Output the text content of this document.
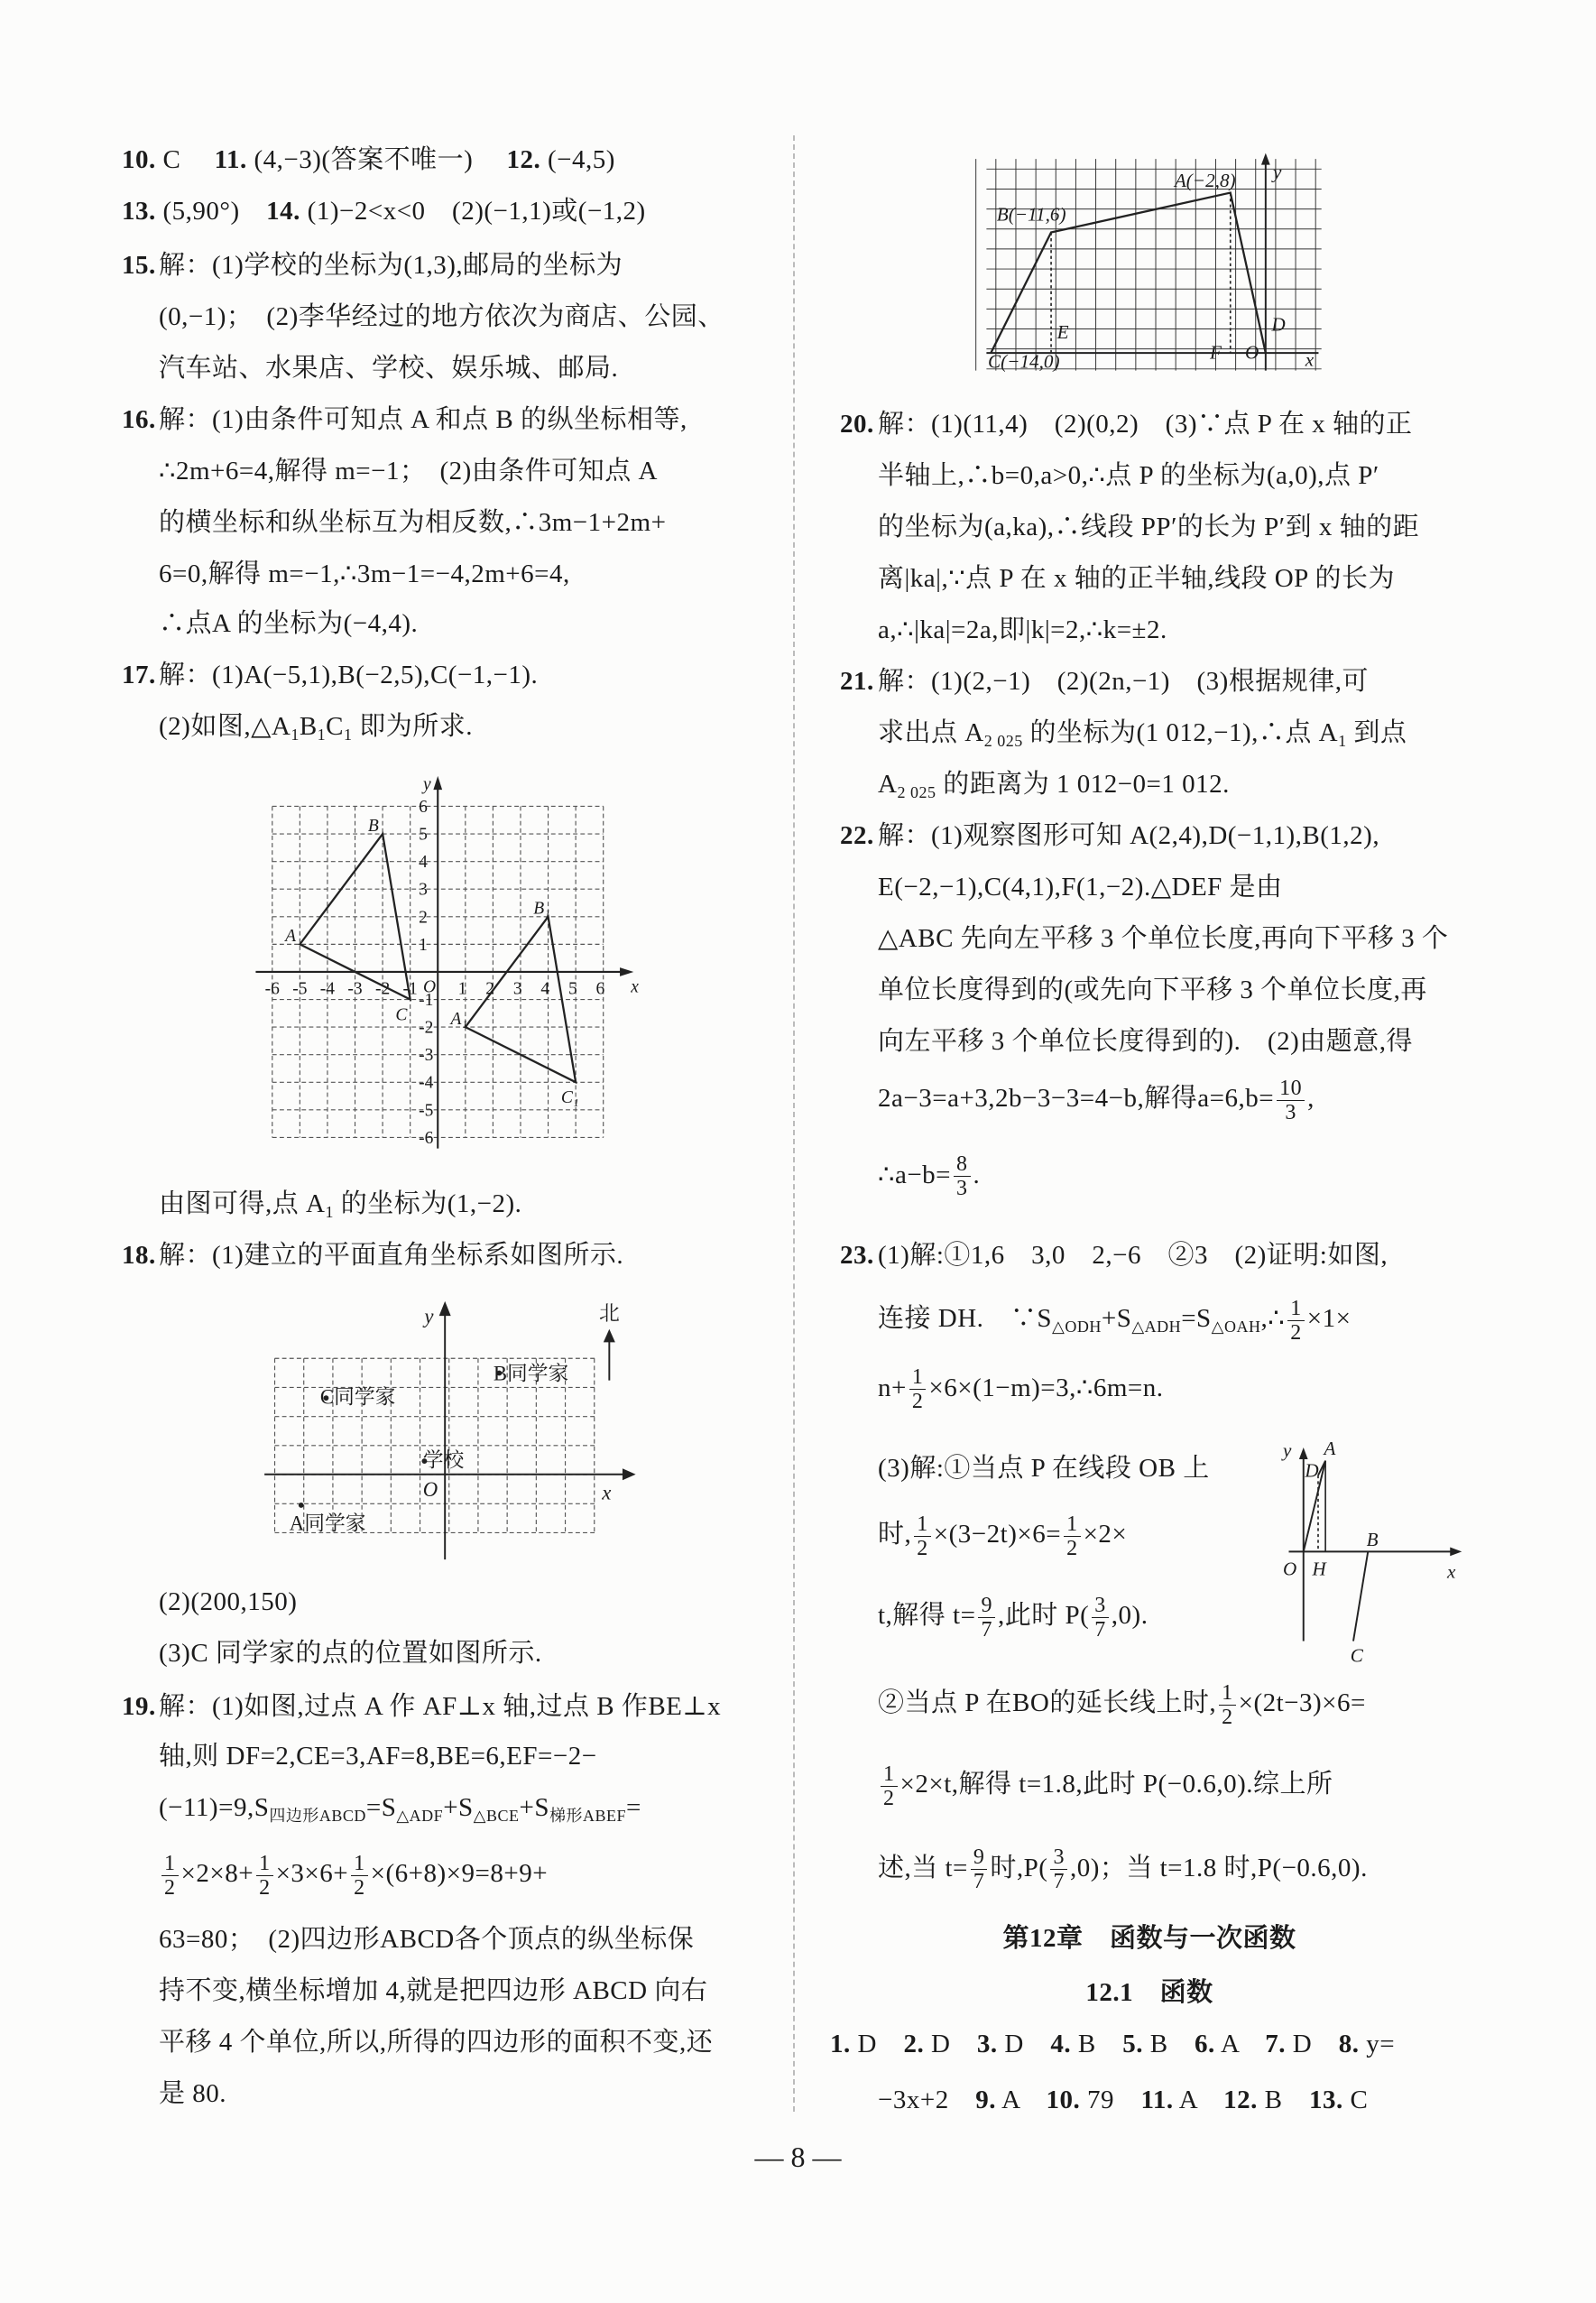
10. C　 11. (4,−3)(答案不唯一)　 12. (−4,5)
13. (5,90°)　14. (1)−2<x<0　(2)(−1,1)或(−1,2)
15. 解：(1)学校的坐标为(1,3),邮局的坐标为
(0,−1)；　(2)李华经过的地方依次为商店、公园、
汽车站、水果店、学校、娱乐城、邮局.
16. 解：(1)由条件可知点 A 和点 B 的纵坐标相等,
∴2m+6=4,解得 m=−1；　(2)由条件可知点 A
的横坐标和纵坐标互为相反数,∴3m−1+2m+
6=0,解得 m=−1,∴3m−1=−4,2m+6=4,
∴点A 的坐标为(−4,4).
17. 解：(1)A(−5,1),B(−2,5),C(−1,−1).
(2)如图$,\triangle A_1B_1C_1$ 即为所求.
由图可得,点 $A_1$ 的坐标为(1,−2).
18. 解：(1)建立的平面直角坐标系如图所示.
(2)(200,150)
(3)C 同学家的点的位置如图所示.
19. 解：(1)如图,过点 A 作 AF⊥x 轴,过点 B 作BE⊥x
轴,则 DF=2,CE=3,AF=8,BE=6,EF=−2−
$(-11)=9,S_{四边形ABCD}=S_{\triangle ADF}+S_{\triangle BCE}+S_{梯形ABEF}=$
$\frac{1}{2} \times 2\times 8+ \frac{1}{2} \times 3\times 6+ \frac{1}{2} \times(6+8)\times 9=8+9+$
63=80；　(2)四边形ABCD各个顶点的纵坐标保
持不变,横坐标增加 4,就是把四边形 ABCD 向右
平移 4 个单位,所以,所得的四边形的面积不变,还
是 80.
20. 解：(1)(11,4)　(2)(0,2)　(3)∵点 P 在 x 轴的正
半轴上,∴b=0,a>0,∴点 P 的坐标为(a,0),点 P′
的坐标为(a,ka),∴线段 PP′的长为 P′到 x 轴的距
离|ka|,∵点 P 在 x 轴的正半轴,线段 OP 的长为
a,∴|ka|=2a,即|k|=2,∴k=±2.
21. 解：(1)(2,−1)　(2)(2n,−1)　(3)根据规律,可
求出点 $A_{2 025}$ 的坐标为(1 012,−1),∴点 $A_1$ 到点
$A_{2 025}$ 的距离为 1 012−0=1 012.
22. 解：(1)观察图形可知 A(2,4),D(−1,1),B(1,2),
E(−2,−1),C(4,1),F(1,−2).△DEF 是由
△ABC 先向左平移 3 个单位长度,再向下平移 3 个
单位长度得到的(或先向下平移 3 个单位长度,再
向左平移 3 个单位长度得到的).　(2)由题意,得
2a−3=a+3,2b−3−3=4−b,解得$a=6,b= \frac{10}{3}$ ,
∴a−b= $\frac{8}{3}$ .
23. (1)解:①1,6　3,0　2,−6　②3　(2)证明:如图,
连接 DH.　$\because S_{\triangle ODH}+S_{\triangle ADH}=S_{\triangle OAH},\therefore \frac{1}{2} \times 1\times$
$n+ \frac{1}{2}$ ×6×(1−m)=3,∴6m=n.
(3)解:①当点 P 在线段 OB 上
时, $\frac{1}{2} \times(3-2t)\times 6= \frac{1}{2} \times 2\times$
t,解得 $t= \frac{9}{7}$ ,此时 $P( \frac{3}{7} ,0)$.
②当点 P 在BO的延长线上时, $\frac{1}{2} \times(2t-3)\times 6=$
$\frac{1}{2} \times 2\times t$,解得 t=1.8,此时 P(−0.6,0).综上所
述,当 $t= \frac{9}{7}$ 时$,P( \frac{3}{7} ,0)$；当 t=1.8 时,P(−0.6,0).
第12章　函数与一次函数
12.1　函数
1. D　2. D　3. D　4. B　5. B　6. A　7. D　8. y=
−3x+2　9. A　10. 79　11. A　12. B　13. C
-6 -5 -4 -3 -2 -1	1 2 3 4 5 6
6
5
4
3
2
1
-1
-2
-3
-4
-5
-6
x
y
O
A
B
C	A₁
B₁
C₁
y	北
B同学家
C同学家
学校
O	x
A同学家
A(−2,8)	y
B(−11,6)
E	D
C(−14,0)	F O	x
y	A
D
B
O H	x
C
— 8 —
